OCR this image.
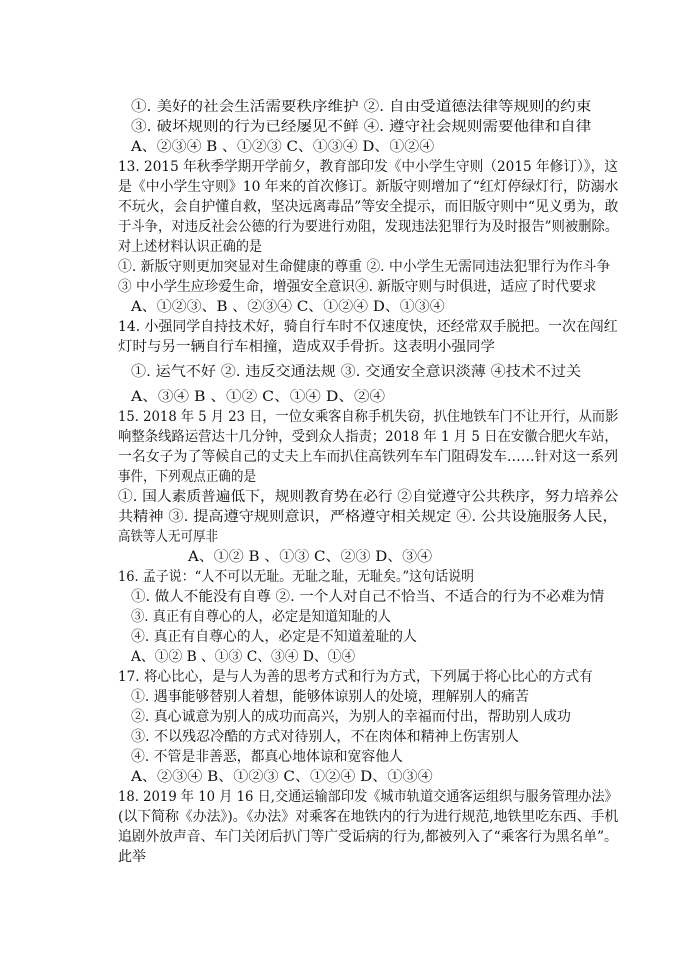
①. 美好的社会生活需要秩序维护 ②. 自由受道德法律等规则的约束
③. 破坏规则的行为已经屡见不鲜 ④. 遵守社会规则需要他律和自律
A、②③④ B 、①②③ C、①③④ D、①②④
13. 2015 年秋季学期开学前夕，教育部印发《中小学生守则（2015 年修订）》，这
是《中小学生守则》10 年来的首次修订。新版守则增加了“红灯停绿灯行，防溺水
不玩火，会自护懂自救，坚决远离毒品”等安全提示，而旧版守则中“见义勇为，敢
于斗争，对违反社会公德的行为要进行劝阻，发现违法犯罪行为及时报告”则被删除。
对上述材料认识正确的是
①. 新版守则更加突显对生命健康的尊重 ②. 中小学生无需同违法犯罪行为作斗争
③ 中小学生应珍爱生命，增强安全意识④. 新版守则与时俱进，适应了时代要求
A、①②③、B 、②③④ C、①②④ D、①③④
14. 小强同学自持技术好，骑自行车时不仅速度快，还经常双手脱把。一次在闯红
灯时与另一辆自行车相撞，造成双手骨折。这表明小强同学
①. 运气不好 ②. 违反交通法规 ③. 交通安全意识淡薄 ④技术不过关
A、③④ B 、①② C、①④ D、②④
15. 2018 年 5 月 23 日，一位女乘客自称手机失窃，扒住地铁车门不让开行，从而影
响整条线路运营达十几分钟，受到众人指责；2018 年 1 月 5 日在安徽合肥火车站，
一名女子为了等候自己的丈夫上车而扒住高铁列车车门阻碍发车……针对这一系列
事件，下列观点正确的是
①. 国人素质普遍低下，规则教育势在必行 ②自觉遵守公共秩序，努力培养公
共精神 ③. 提高遵守规则意识，严格遵守相关规定 ④. 公共设施服务人民，
高铁等人无可厚非
A、①② B 、①③ C、②③ D、③④
16. 孟子说：“人不可以无耻。无耻之耻，无耻矣。”这句话说明
①. 做人不能没有自尊 ②. 一个人对自己不恰当、不适合的行为不必难为情
③. 真正有自尊心的人，必定是知道知耻的人
④. 真正有自尊心的人，必定是不知道羞耻的人
A、①② B 、①③ C、③④ D、①④
17. 将心比心，是与人为善的思考方式和行为方式，下列属于将心比心的方式有
①. 遇事能够替别人着想，能够体谅别人的处境，理解别人的痛苦
②. 真心诚意为别人的成功而高兴，为别人的幸福而付出，帮助别人成功
③. 不以残忍冷酷的方式对待别人，不在肉体和精神上伤害别人
④. 不管是非善恶，都真心地体谅和宽容他人
A、②③④ B、①②③ C、①②④ D、①③④
18. 2019 年 10 月 16 日,交通运输部印发《城市轨道交通客运组织与服务管理办法》
(以下简称《办法》)。《办法》对乘客在地铁内的行为进行规范,地铁里吃东西、手机
追剧外放声音、车门关闭后扒门等广受诟病的行为,都被列入了“乘客行为黑名单”。
此举
